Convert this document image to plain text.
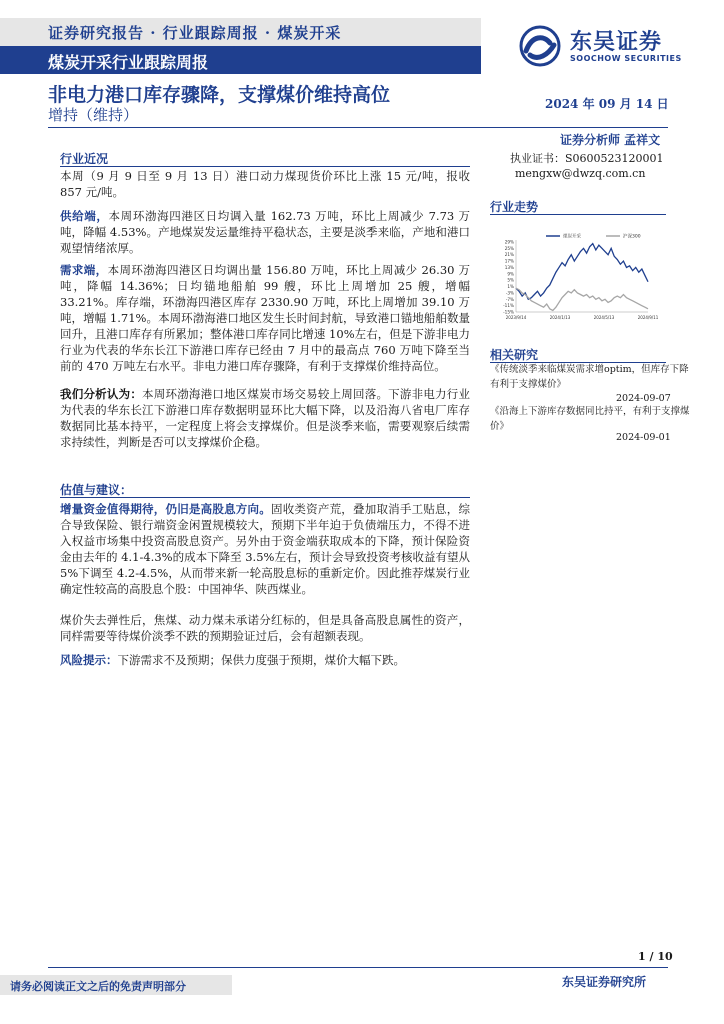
证券研究报告 · 行业跟踪周报 · 煤炭开采
煤炭开采行业跟踪周报
东吴证券
SOOCHOW SECURITIES
非电力港口库存骤降，支撑煤价维持高位
增持（维持）
2024 年 09 月 14 日
证券分析师 孟祥文
执业证书：S0600523120001
mengxw@dwzq.com.cn
行业近况
本周（9 月 9 日至 9 月 13 日）港口动力煤现货价环比上涨 15 元/吨，报收 857 元/吨。
供给端，本周环渤海四港区日均调入量 162.73 万吨，环比上周减少 7.73 万吨，降幅 4.53%。产地煤炭发运量维持平稳状态，主要是淡季来临，产地和港口观望情绪浓厚。
需求端，本周环渤海四港区日均调出量 156.80 万吨，环比上周减少 26.30 万吨，降幅 14.36%；日均锚地船舶 99 艘，环比上周增加 25 艘，增幅 33.21%。库存端，环渤海四港区库存 2330.90 万吨，环比上周增加 39.10 万吨，增幅 1.71%。本周环渤海港口地区发生长时间封航，导致港口锚地船舶数量回升，且港口库存有所累加；整体港口库存同比增速 10%左右，但是下游非电力行业为代表的华东长江下游港口库存已经由 7 月中的最高点 760 万吨下降至当前的 470 万吨左右水平。非电力港口库存骤降，有利于支撑煤价维持高位。
我们分析认为：本周环渤海港口地区煤炭市场交易较上周回落。下游非电力行业为代表的华东长江下游港口库存数据明显环比大幅下降，以及沿海八省电厂库存数据同比基本持平，一定程度上将会支撑煤价。但是淡季来临，需要观察后续需求持续性，判断是否可以支撑煤价企稳。
估值与建议：
增量资金值得期待，仍旧是高股息方向。固收类资产荒，叠加取消手工贴息，综合导致保险、银行端资金闲置规模较大，预期下半年迫于负债端压力，不得不进入权益市场集中投资高股息资产。另外由于资金端获取成本的下降，预计保险资金由去年的 4.1-4.3%的成本下降至 3.5%左右，预计会导致投资考核收益有望从 5%下调至 4.2-4.5%，从而带来新一轮高股息标的重新定价。因此推荐煤炭行业确定性较高的高股息个股：中国神华、陕西煤业。
煤价失去弹性后，焦煤、动力煤未承诺分红标的，但是具备高股息属性的资产，同样需要等待煤价淡季不跌的预期验证过后，会有超额表现。
风险提示：下游需求不及预期；保供力度强于预期，煤价大幅下跌。
行业走势
煤炭开采	沪深300
29%
25%
21%
17%
13%
9%
5%
1%
-3%
-7%
-11%
-15%
2023/9/14	2024/1/13	2024/5/13	2024/9/11
相关研究
《传统淡季来临煤炭需求增optim，但库存下降有利于支撑煤价》
2024-09-07
《沿海上下游库存数据同比持平，有利于支撑煤价》
2024-09-01
1 / 10
请务必阅读正文之后的免责声明部分	东吴证券研究所
